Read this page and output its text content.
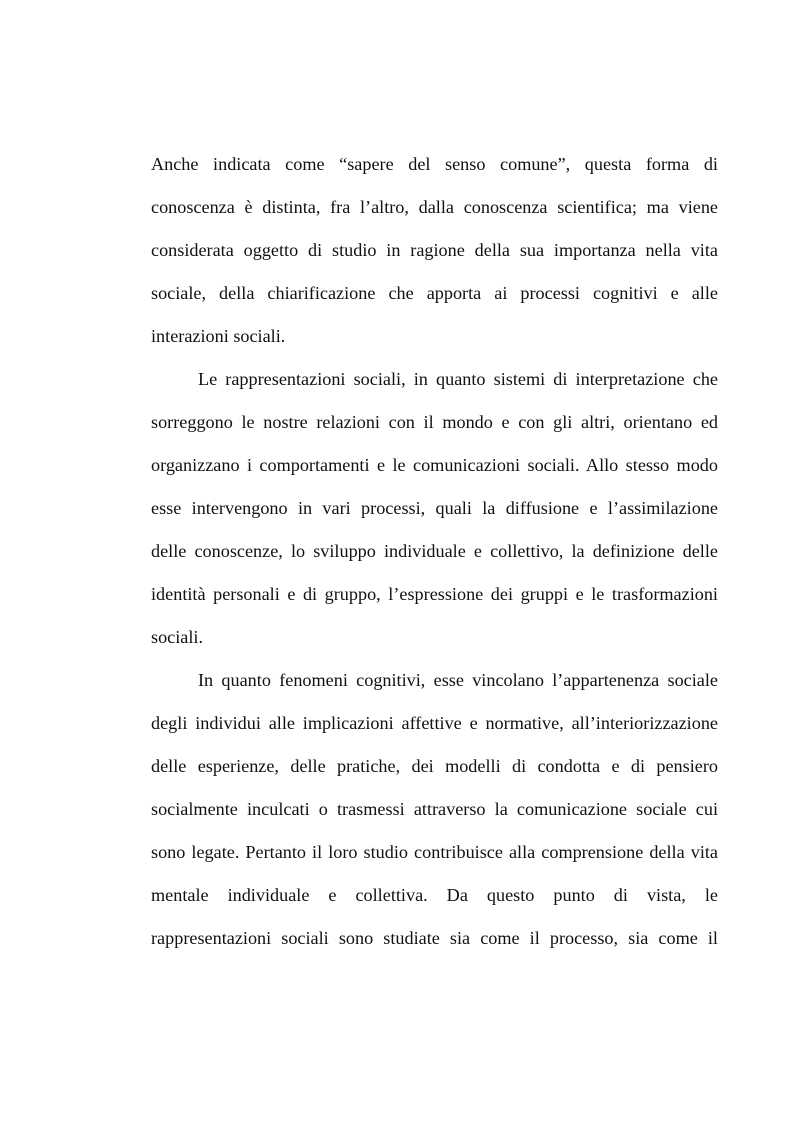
Anche indicata come “sapere del senso comune”, questa forma di
conoscenza è distinta, fra l’altro, dalla conoscenza scientifica; ma viene
considerata oggetto di studio in ragione della sua importanza nella vita
sociale, della chiarificazione che apporta ai processi cognitivi e alle
interazioni sociali.

Le rappresentazioni sociali, in quanto sistemi di interpretazione che
sorreggono le nostre relazioni con il mondo e con gli altri, orientano ed
organizzano i comportamenti e le comunicazioni sociali. Allo stesso modo
esse intervengono in vari processi, quali la diffusione e l’assimilazione
delle conoscenze, lo sviluppo individuale e collettivo, la definizione delle
identità personali e di gruppo, l’espressione dei gruppi e le trasformazioni
sociali.

In quanto fenomeni cognitivi, esse vincolano l’appartenenza sociale
degli individui alle implicazioni affettive e normative, all’interiorizzazione
delle esperienze, delle pratiche, dei modelli di condotta e di pensiero
socialmente inculcati o trasmessi attraverso la comunicazione sociale cui
sono legate. Pertanto il loro studio contribuisce alla comprensione della vita
mentale individuale e collettiva. Da questo punto di vista, le
rappresentazioni sociali sono studiate sia come il processo, sia come il
